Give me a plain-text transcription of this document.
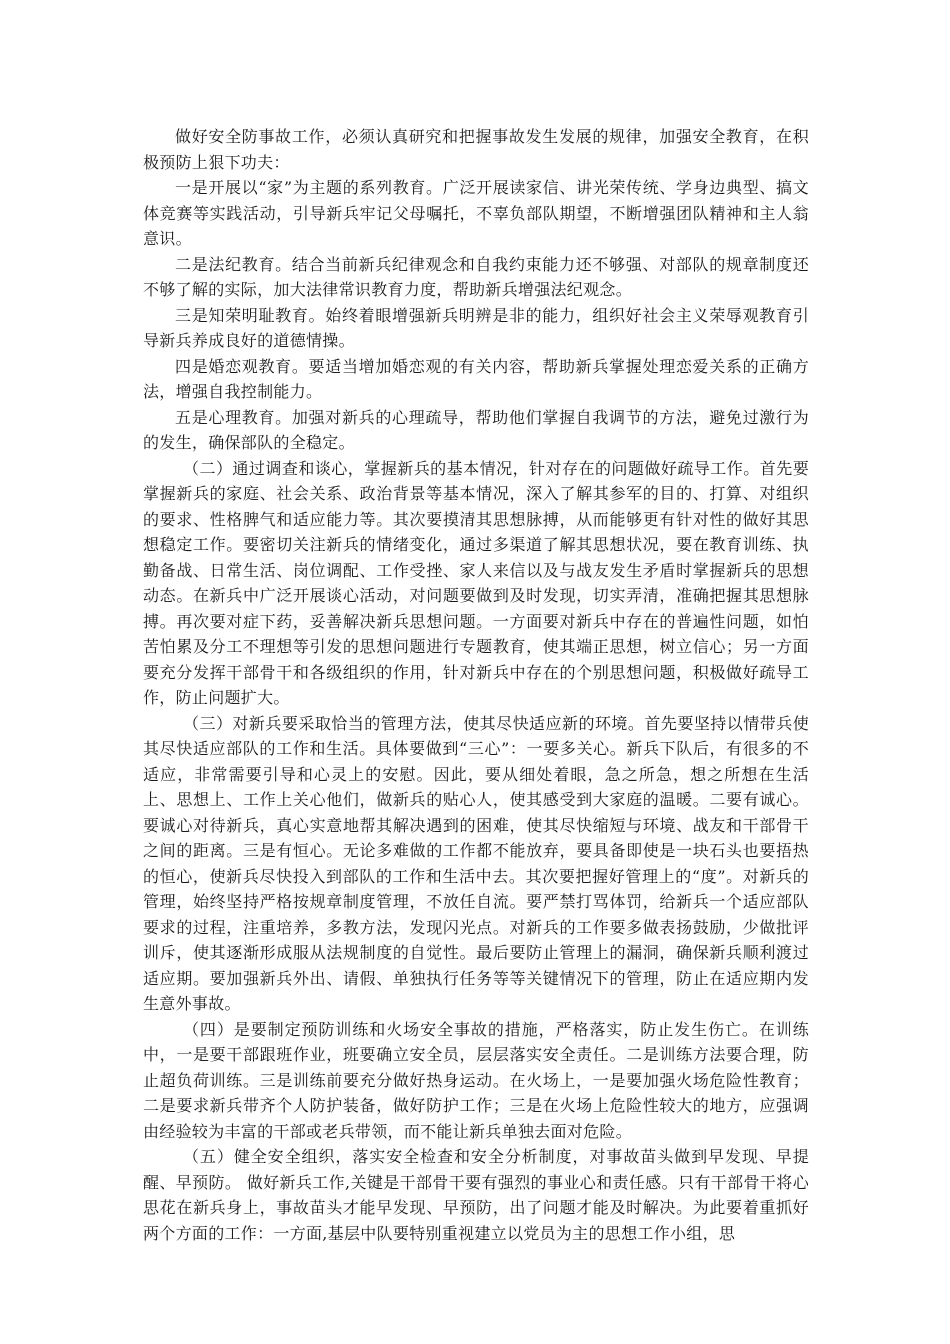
做好安全防事故工作，必须认真研究和把握事故发生发展的规律，加强安全教育，在积极预防上狠下功夫：

一是开展以“家”为主题的系列教育。广泛开展读家信、讲光荣传统、学身边典型、搞文体竞赛等实践活动，引导新兵牢记父母嘱托，不辜负部队期望，不断增强团队精神和主人翁意识。

二是法纪教育。结合当前新兵纪律观念和自我约束能力还不够强、对部队的规章制度还不够了解的实际，加大法律常识教育力度，帮助新兵增强法纪观念。

三是知荣明耻教育。始终着眼增强新兵明辨是非的能力，组织好社会主义荣辱观教育引导新兵养成良好的道德情操。

四是婚恋观教育。要适当增加婚恋观的有关内容，帮助新兵掌握处理恋爱关系的正确方法，增强自我控制能力。

五是心理教育。加强对新兵的心理疏导，帮助他们掌握自我调节的方法，避免过激行为的发生，确保部队的全稳定。

（二）通过调查和谈心，掌握新兵的基本情况，针对存在的问题做好疏导工作。首先要掌握新兵的家庭、社会关系、政治背景等基本情况，深入了解其参军的目的、打算、对组织的要求、性格脾气和适应能力等。其次要摸清其思想脉搏，从而能够更有针对性的做好其思想稳定工作。要密切关注新兵的情绪变化，通过多渠道了解其思想状况，要在教育训练、执勤备战、日常生活、岗位调配、工作受挫、家人来信以及与战友发生矛盾时掌握新兵的思想动态。在新兵中广泛开展谈心活动，对问题要做到及时发现，切实弄清，准确把握其思想脉搏。再次要对症下药，妥善解决新兵思想问题。一方面要对新兵中存在的普遍性问题，如怕苦怕累及分工不理想等引发的思想问题进行专题教育，使其端正思想，树立信心；另一方面要充分发挥干部骨干和各级组织的作用，针对新兵中存在的个别思想问题，积极做好疏导工作，防止问题扩大。

（三）对新兵要采取恰当的管理方法，使其尽快适应新的环境。首先要坚持以情带兵使其尽快适应部队的工作和生活。具体要做到“三心”：一要多关心。新兵下队后，有很多的不适应，非常需要引导和心灵上的安慰。因此，要从细处着眼，急之所急，想之所想在生活上、思想上、工作上关心他们，做新兵的贴心人，使其感受到大家庭的温暖。二要有诚心。要诚心对待新兵，真心实意地帮其解决遇到的困难，使其尽快缩短与环境、战友和干部骨干之间的距离。三是有恒心。无论多难做的工作都不能放弃，要具备即使是一块石头也要捂热的恒心，使新兵尽快投入到部队的工作和生活中去。其次要把握好管理上的“度”。对新兵的管理，始终坚持严格按规章制度管理，不放任自流。要严禁打骂体罚，给新兵一个适应部队要求的过程，注重培养，多教方法，发现闪光点。对新兵的工作要多做表扬鼓励，少做批评训斥，使其逐渐形成服从法规制度的自觉性。最后要防止管理上的漏洞，确保新兵顺利渡过适应期。要加强新兵外出、请假、单独执行任务等等关键情况下的管理，防止在适应期内发生意外事故。

（四）是要制定预防训练和火场安全事故的措施，严格落实，防止发生伤亡。在训练中，一是要干部跟班作业，班要确立安全员，层层落实安全责任。二是训练方法要合理，防止超负荷训练。三是训练前要充分做好热身运动。在火场上，一是要加强火场危险性教育；二是要求新兵带齐个人防护装备，做好防护工作；三是在火场上危险性较大的地方，应强调由经验较为丰富的干部或老兵带领，而不能让新兵单独去面对危险。

（五）健全安全组织，落实安全检查和安全分析制度，对事故苗头做到早发现、早提醒、早预防。 做好新兵工作,关键是干部骨干要有强烈的事业心和责任感。只有干部骨干将心思花在新兵身上，事故苗头才能早发现、早预防，出了问题才能及时解决。为此要着重抓好两个方面的工作：一方面,基层中队要特别重视建立以党员为主的思想工作小组，思
